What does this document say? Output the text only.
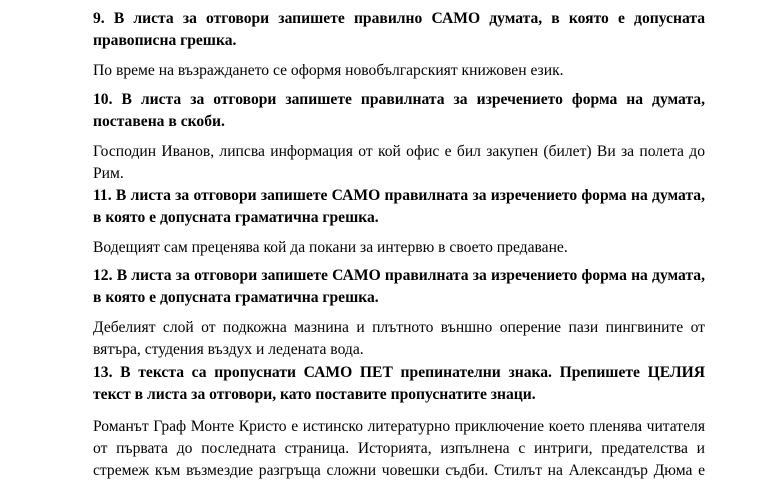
9. В листа за отговори запишете правилно САМО думата, в която е допусната
правописна грешка.

По време на възраждането се оформя новобългарският книжовен език.

10. В листа за отговори запишете правилната за изречението форма на думата,
поставена в скоби.

Господин Иванов, липсва информация от кой офис е бил закупен (билет) Ви за полета до
Рим.

11. В листа за отговори запишете САМО правилната за изречението форма на думата,
в която е допусната граматична грешка.

Водещият сам преценява кой да покани за интервю в своето предаване.

12. В листа за отговори запишете САМО правилната за изречението форма на думата,
в която е допусната граматична грешка.

Дебелият слой от подкожна мазнина и плътното външно оперение пази пингвините от
вятъра, студения въздух и ледената вода.

13. В текста са пропуснати САМО ПЕТ препинателни знака. Препишете ЦЕЛИЯ
текст в листа за отговори, като поставите пропуснатите знаци.

Романът Граф Монте Кристо е истинско литературно приключение което пленява читателя
от първата до последната страница. Историята, изпълнена с интриги, предателства и
стремеж към възмездие разгръща сложни човешки съдби. Стилът на Александър Дюма е
